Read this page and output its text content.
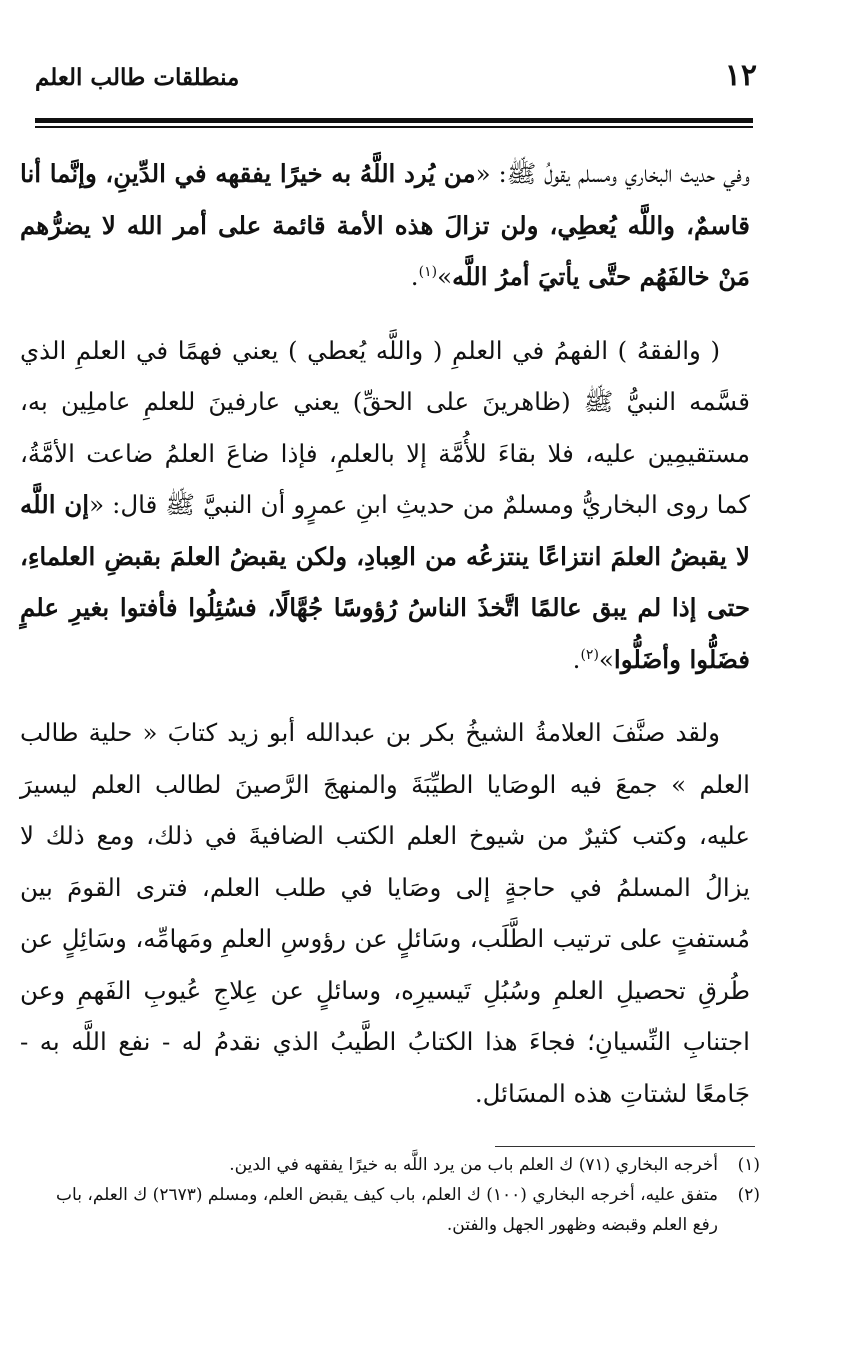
١٢
منطلقات طالب العلم

وفي حديث البخاري ومسلم يقولُ ﷺ: «من يُرد اللَّهُ به خيرًا يفقهه في الدِّينِ، وإنَّما أنا قاسمٌ، واللَّه يُعطِي، ولن تزالَ هذه الأمة قائمة على أمر الله لا يضرُّهم مَنْ خالفَهُم حتَّى يأتيَ أمرُ اللَّه»$^{(١)}$.

( والفقهُ ) الفهمُ في العلمِ ( واللَّه يُعطي ) يعني فهمًا في العلمِ الذي قسَّمه النبيُّ ﷺ (ظاهرينَ على الحقِّ) يعني عارفينَ للعلمِ عاملِين به، مستقيمِين عليه، فلا بقاءَ للأُمَّة إلا بالعلمِ، فإذا ضاعَ العلمُ ضاعت الأمَّةُ، كما روى البخاريُّ ومسلمٌ من حديثِ ابنِ عمرٍو أن النبيَّ ﷺ قال: «إن اللَّه لا يقبضُ العلمَ انتزاعًا ينتزعُه من العِبادِ، ولكن يقبضُ العلمَ بقبضِ العلماءِ، حتى إذا لم يبق عالمًا اتَّخذَ الناسُ رُؤوسًا جُهَّالًا، فسُئِلُوا فأفتوا بغيرِ علمٍ فضَلُّوا وأضَلُّوا»$^{(٢)}$.

ولقد صنَّفَ العلامةُ الشيخُ بكر بن عبدالله أبو زيد كتابَ « حلية طالب العلم » جمعَ فيه الوصَايا الطيِّبَةَ والمنهجَ الرَّصينَ لطالب العلم ليسيرَ عليه، وكتب كثيرٌ من شيوخ العلم الكتب الضافيةَ في ذلك، ومع ذلك لا يزالُ المسلمُ في حاجةٍ إلى وصَايا في طلب العلم، فترى القومَ بين مُستفتٍ على ترتيب الطَّلَب، وسَائلٍ عن رؤوسِ العلمِ ومَهامِّه، وسَائِلٍ عن طُرقِ تحصيلِ العلمِ وسُبُلِ تَيسيرِه، وسائلٍ عن عِلاجِ عُيوبِ الفَهمِ وعن اجتنابِ النِّسيانِ؛ فجاءَ هذا الكتابُ الطَّيبُ الذي نقدمُ له - نفع اللَّه به - جَامعًا لشتاتِ هذه المسَائل.

(١)
أخرجه البخاري (٧١) ك العلم باب من يرد اللَّه به خيرًا يفقهه في الدين.

(٢)
متفق عليه، أخرجه البخاري (١٠٠) ك العلم، باب كيف يقبض العلم، ومسلم (٢٦٧٣) ك العلم، باب رفع العلم وقبضه وظهور الجهل والفتن.
